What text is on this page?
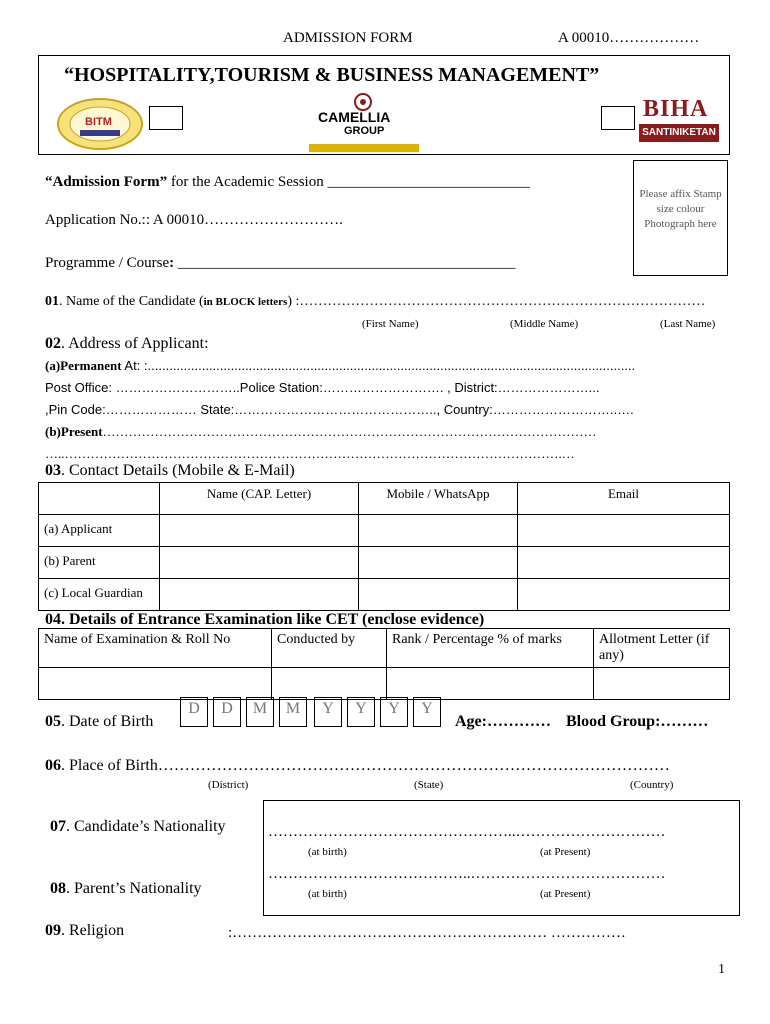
ADMISSION FORM	A 00010………………
“HOSPITALITY,TOURISM & BUSINESS MANAGEMENT”
BITM	CAMELLIA
GROUP
BIHA
SANTINIKETAN
“Admission Form” for the Academic Session ___________________________
Application No.:: A 00010……………………….
Programme / Course: _____________________________________________
Please affix Stamp size colour Photograph here
01. Name of the Candidate (in BLOCK letters) :……………………………………………………………………………
(First Name)	(Middle Name)	(Last Name)
02. Address of Applicant:
(a)Permanent At: :.......................................................................................................................................
Post Office: ………………………..Police Station:………………………. , District:…………………...
,Pin Code:………………… State:……………………………………….., Country:………………………..….
(b)Present……………………………………………………………………………………………………
…..…………………………………………………………………………………………………….…
03. Contact Details (Mobile & E-Mail)
	Name (CAP. Letter)	Mobile / WhatsApp	Email
(a) Applicant			
(b) Parent			
(c) Local Guardian			
04. Details of Entrance Examination like CET (enclose evidence)
Name of Examination & Roll No	Conducted by	Rank / Percentage % of marks	Allotment Letter (if any)

05. Date of Birth
D	D	M	M	Y	Y	Y	Y
Age:………… Blood Group:………
06. Place of Birth……………………………………………………………………………………
(District)	(State)	(Country)
07. Candidate’s Nationality	…………………………………………..…………………………
(at birth)	(at Present)
08. Parent’s Nationality
…………………………………..…………………………………
(at birth)	(at Present)
09. Religion	:……………………………………………………… ……………
1
